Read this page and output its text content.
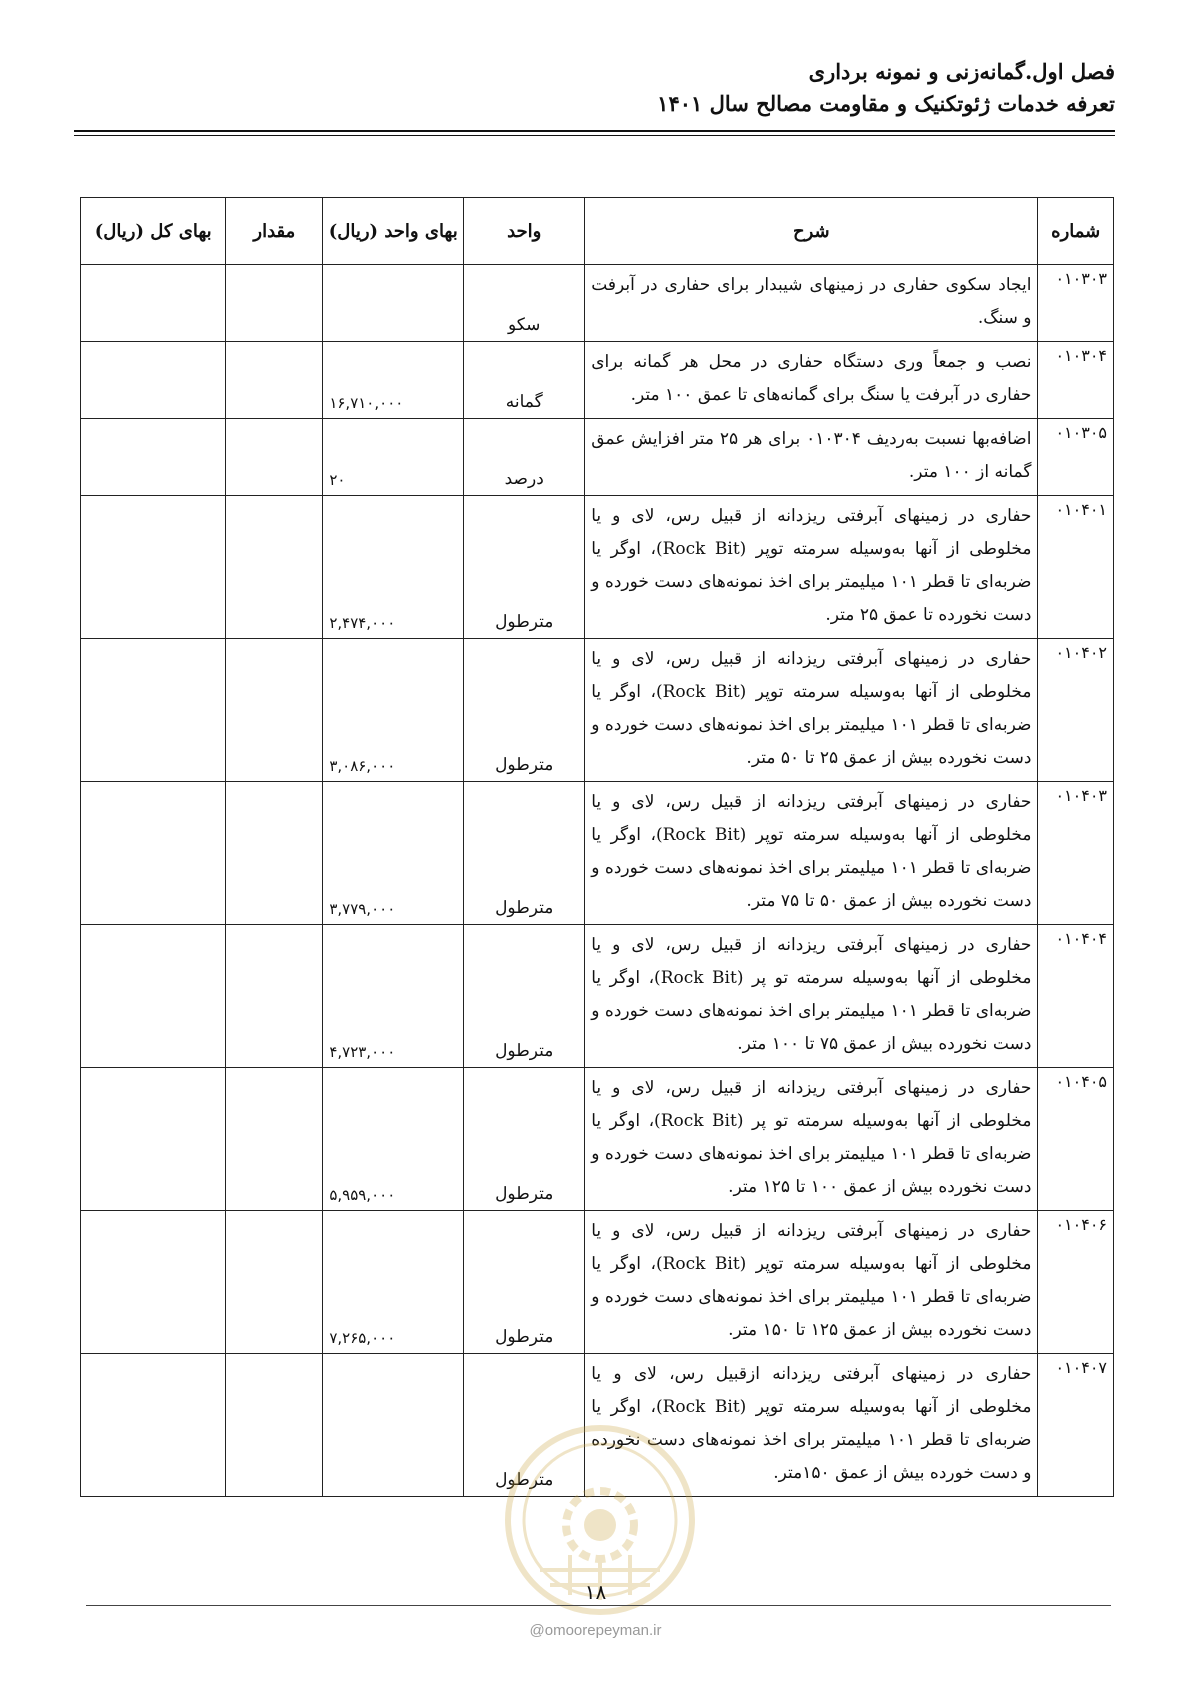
فصل اول.گمانه‌زنی و نمونه برداری
تعرفه خدمات ژئوتکنیک و مقاومت مصالح سال ۱۴۰۱
شماره	شرح	واحد	بهای واحد (ریال)	مقدار	بهای کل (ریال)
۰۱۰۳۰۳	ایجاد سکوی حفاری در زمینهای شیبدار برای حفاری در آبرفت و سنگ.	سکو			
۰۱۰۳۰۴	نصب و جمعاً وری دستگاه حفاری در محل هر گمانه برای حفاری در آبرفت یا سنگ برای گمانه‌های تا عمق ۱۰۰ متر.	گمانه	۱۶,۷۱۰,۰۰۰		
۰۱۰۳۰۵	اضافه‌بها نسبت به‌ردیف ۰۱۰۳۰۴ برای هر ۲۵ متر افزایش عمق گمانه از ۱۰۰ متر.	درصد	۲۰		
۰۱۰۴۰۱	حفاری در زمینهای آبرفتی ریزدانه از قبیل رس، لای و یا مخلوطی از آنها به‌وسیله سرمته توپر (Rock Bit)، اوگر یا ضربه‌ای تا قطر ۱۰۱ میلیمتر برای اخذ نمونه‌های دست خورده و دست نخورده تا عمق ۲۵ متر.	مترطول	۲,۴۷۴,۰۰۰		
۰۱۰۴۰۲	حفاری در زمینهای آبرفتی ریزدانه از قبیل رس، لای و یا مخلوطی از آنها به‌وسیله سرمته توپر (Rock Bit)، اوگر یا ضربه‌ای تا قطر ۱۰۱ میلیمتر برای اخذ نمونه‌های دست خورده و دست نخورده بیش از عمق ۲۵ تا ۵۰ متر.	مترطول	۳,۰۸۶,۰۰۰		
۰۱۰۴۰۳	حفاری در زمینهای آبرفتی ریزدانه از قبیل رس، لای و یا مخلوطی از آنها به‌وسیله سرمته توپر (Rock Bit)، اوگر یا ضربه‌ای تا قطر ۱۰۱ میلیمتر برای اخذ نمونه‌های دست خورده و دست نخورده بیش از عمق ۵۰ تا ۷۵ متر.	مترطول	۳,۷۷۹,۰۰۰		
۰۱۰۴۰۴	حفاری در زمینهای آبرفتی ریزدانه از قبیل رس، لای و یا مخلوطی از آنها به‌وسیله سرمته تو پر (Rock Bit)، اوگر یا ضربه‌ای تا قطر ۱۰۱ میلیمتر برای اخذ نمونه‌های دست خورده و دست نخورده بیش از عمق ۷۵ تا ۱۰۰ متر.	مترطول	۴,۷۲۳,۰۰۰		
۰۱۰۴۰۵	حفاری در زمینهای آبرفتی ریزدانه از قبیل رس، لای و یا مخلوطی از آنها به‌وسیله سرمته تو پر (Rock Bit)، اوگر یا ضربه‌ای تا قطر ۱۰۱ میلیمتر برای اخذ نمونه‌های دست خورده و دست نخورده بیش از عمق ۱۰۰ تا ۱۲۵ متر.	مترطول	۵,۹۵۹,۰۰۰		
۰۱۰۴۰۶	حفاری در زمینهای آبرفتی ریزدانه از قبیل رس، لای و یا مخلوطی از آنها به‌وسیله سرمته توپر (Rock Bit)، اوگر یا ضربه‌ای تا قطر ۱۰۱ میلیمتر برای اخذ نمونه‌های دست خورده و دست نخورده بیش از عمق ۱۲۵ تا ۱۵۰ متر.	مترطول	۷,۲۶۵,۰۰۰		
۰۱۰۴۰۷	حفاری در زمینهای آبرفتی ریزدانه ازقبیل رس، لای و یا مخلوطی از آنها به‌وسیله سرمته توپر (Rock Bit)، اوگر یا ضربه‌ای تا قطر ۱۰۱ میلیمتر برای اخذ نمونه‌های دست نخورده و دست خورده بیش از عمق ۱۵۰متر.	مترطول			
۱۸
@omoorepeyman.ir
